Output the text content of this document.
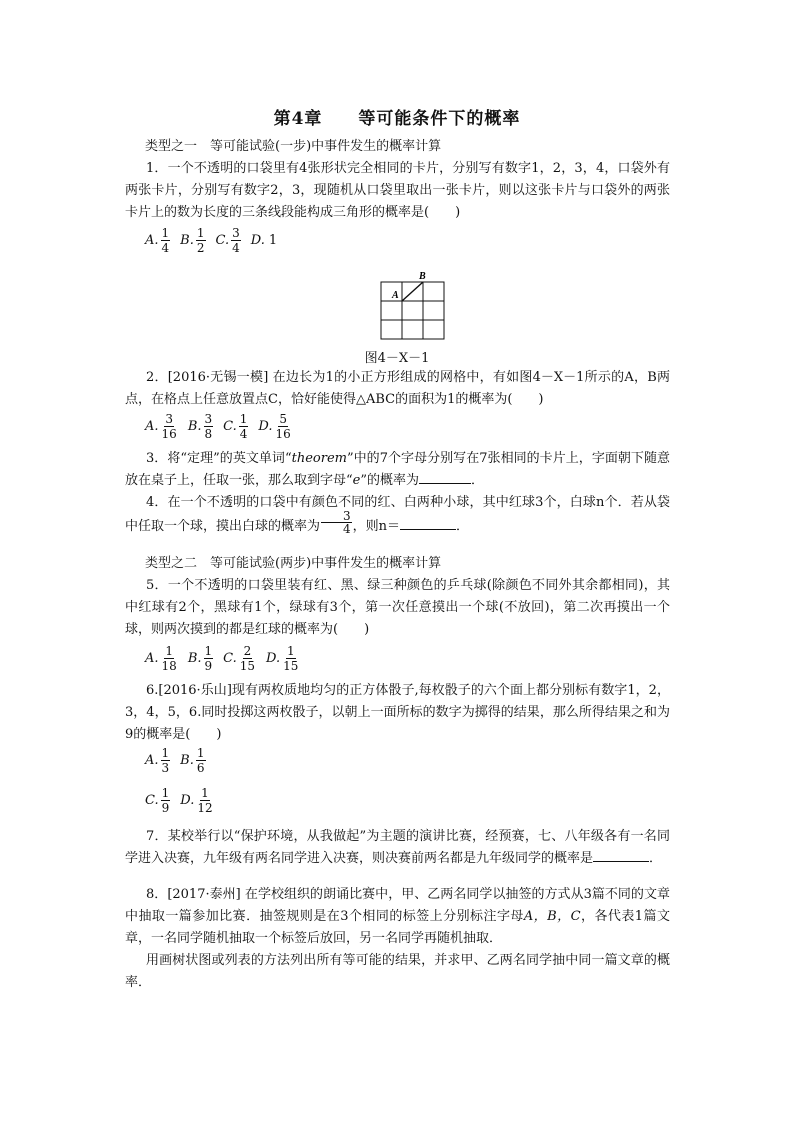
第4章　　等可能条件下的概率
类型之一　等可能试验(一步)中事件发生的概率计算
1．一个不透明的口袋里有4张形状完全相同的卡片，分别写有数字1，2，3，4，口袋外有两张卡片，分别写有数字2，3，现随机从口袋里取出一张卡片，则以这张卡片与口袋外的两张卡片上的数为长度的三条线段能构成三角形的概率是(　　)
A. $\frac{1}{4} B$. $\frac{1}{2} C$. $\frac{3}{4} D$. 1
A
B
图4－X－1
2．[2016·无锡一模] 在边长为1的小正方形组成的网格中，有如图4－X－1所示的A，B两点，在格点上任意放置点C，恰好能使得△ABC的面积为1的概率为(　　)
A. $\frac{3}{16} B$. $\frac{3}{8} C$. $\frac{1}{4} D$. $\frac{5}{16}$
3．将“定理”的英文单词“theorem”中的7个字母分别写在7张相同的卡片上，字面朝下随意放在桌子上，任取一张，那么取到字母“e”的概率为	．
4．在一个不透明的口袋中有颜色不同的红、白两种小球，其中红球3个，白球n个．若从袋中任取一个球，摸出白球的概率为 $\frac{3}{4}$ ，则n＝	．
类型之二　等可能试验(两步)中事件发生的概率计算
5．一个不透明的口袋里装有红、黑、绿三种颜色的乒乓球(除颜色不同外其余都相同)，其中红球有2个，黑球有1个，绿球有3个，第一次任意摸出一个球(不放回)，第二次再摸出一个球，则两次摸到的都是红球的概率为(　　)
A. $\frac{1}{18} B$. $\frac{1}{9} C$. $\frac{2}{15} D$. $\frac{1}{15}$
6.[2016·乐山]现有两枚质地均匀的正方体骰子,每枚骰子的六个面上都分别标有数字1，2，3，4，5，6.同时投掷这两枚骰子，以朝上一面所标的数字为掷得的结果，那么所得结果之和为9的概率是(　　)
A. $\frac{1}{3} B$. $\frac{1}{6}$
C. $\frac{1}{9} D$. $\frac{1}{12}$
7．某校举行以“保护环境，从我做起”为主题的演讲比赛，经预赛，七、八年级各有一名同学进入决赛，九年级有两名同学进入决赛，则决赛前两名都是九年级同学的概率是	．
8．[2017·泰州] 在学校组织的朗诵比赛中，甲、乙两名同学以抽签的方式从3篇不同的文章中抽取一篇参加比赛．抽签规则是在3个相同的标签上分别标注字母A，B，C，各代表1篇文章，一名同学随机抽取一个标签后放回，另一名同学再随机抽取．
用画树状图或列表的方法列出所有等可能的结果，并求甲、乙两名同学抽中同一篇文章的概率．
